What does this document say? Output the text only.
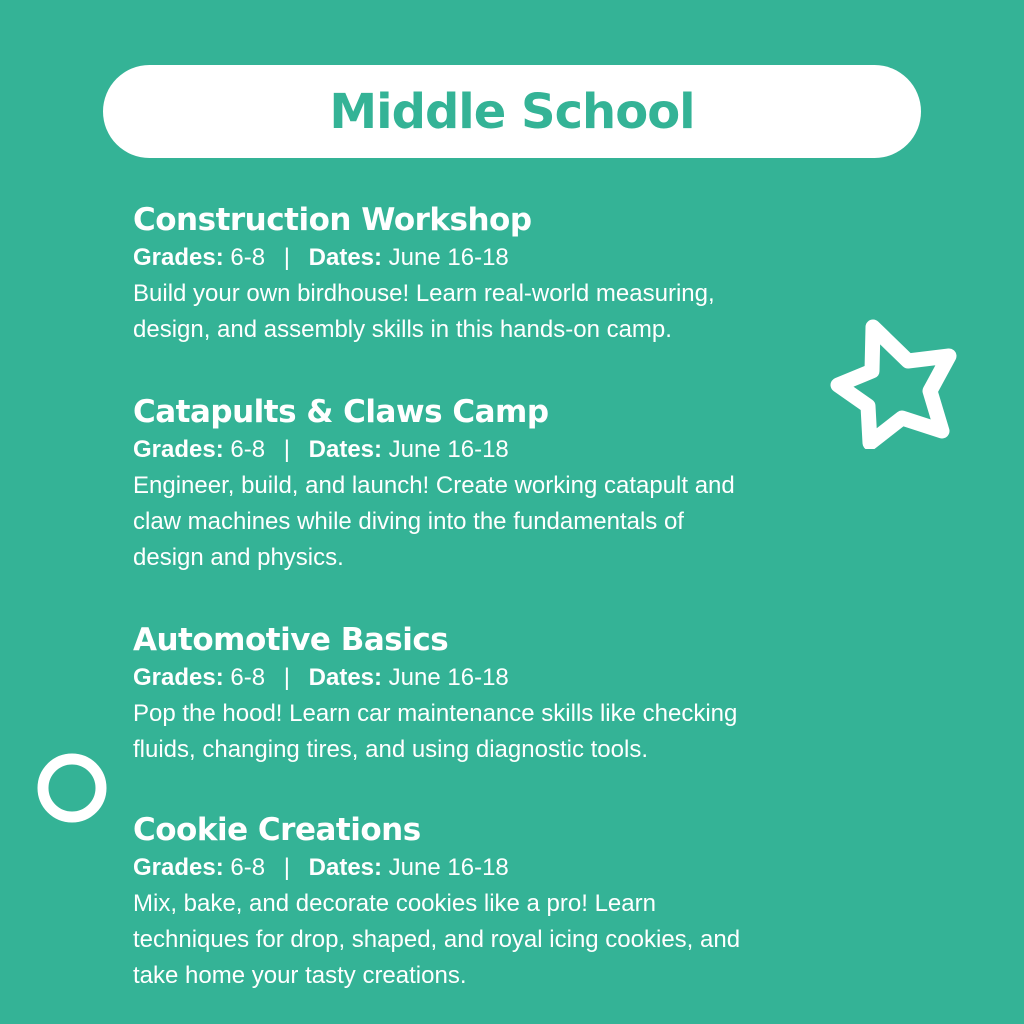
Middle School
Construction Workshop
Grades: 6-8 | Dates: June 16-18
Build your own birdhouse! Learn real-world measuring,
design, and assembly skills in this hands-on camp.
Catapults & Claws Camp
Grades: 6-8 | Dates: June 16-18
Engineer, build, and launch! Create working catapult and
claw machines while diving into the fundamentals of
design and physics.
Automotive Basics
Grades: 6-8 | Dates: June 16-18
Pop the hood! Learn car maintenance skills like checking
fluids, changing tires, and using diagnostic tools.
Cookie Creations
Grades: 6-8 | Dates: June 16-18
Mix, bake, and decorate cookies like a pro! Learn
techniques for drop, shaped, and royal icing cookies, and
take home your tasty creations.
